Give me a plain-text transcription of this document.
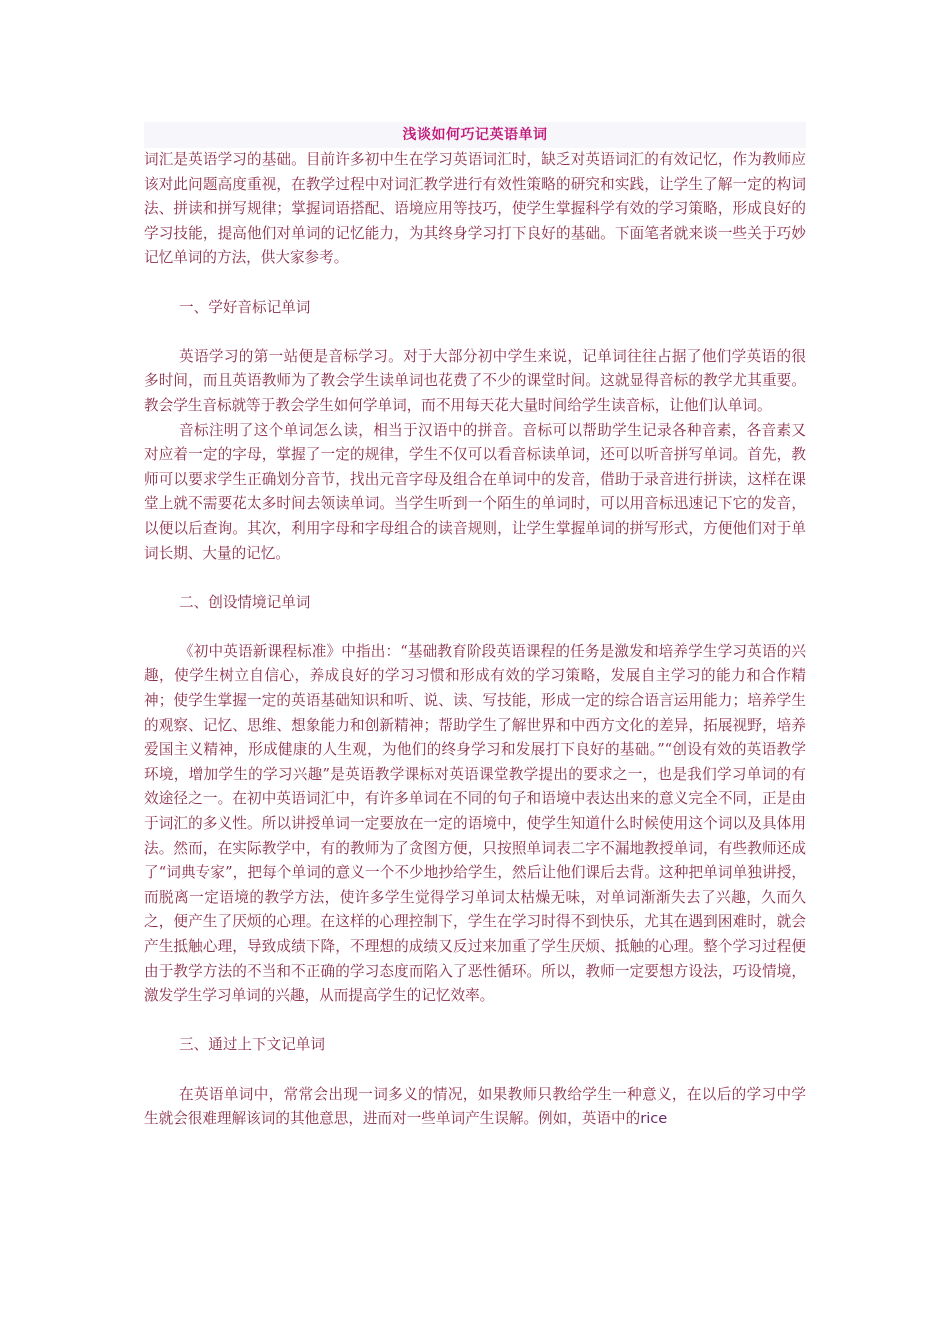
浅谈如何巧记英语单词

词汇是英语学习的基础。目前许多初中生在学习英语词汇时，缺乏对英语词汇的有效记忆，作为教师应该对此问题高度重视，在教学过程中对词汇教学进行有效性策略的研究和实践，让学生了解一定的构词法、拼读和拼写规律；掌握词语搭配、语境应用等技巧，使学生掌握科学有效的学习策略，形成良好的学习技能，提高他们对单词的记忆能力，为其终身学习打下良好的基础。下面笔者就来谈一些关于巧妙记忆单词的方法，供大家参考。

一、学好音标记单词

英语学习的第一站便是音标学习。对于大部分初中学生来说，记单词往往占据了他们学英语的很多时间，而且英语教师为了教会学生读单词也花费了不少的课堂时间。这就显得音标的教学尤其重要。教会学生音标就等于教会学生如何学单词，而不用每天花大量时间给学生读音标，让他们认单词。

音标注明了这个单词怎么读，相当于汉语中的拼音。音标可以帮助学生记录各种音素，各音素又对应着一定的字母，掌握了一定的规律，学生不仅可以看音标读单词，还可以听音拼写单词。首先，教师可以要求学生正确划分音节，找出元音字母及组合在单词中的发音，借助于录音进行拼读，这样在课堂上就不需要花太多时间去领读单词。当学生听到一个陌生的单词时，可以用音标迅速记下它的发音，以便以后查询。其次，利用字母和字母组合的读音规则，让学生掌握单词的拼写形式，方便他们对于单词长期、大量的记忆。

二、创设情境记单词

《初中英语新课程标准》中指出：“基础教育阶段英语课程的任务是激发和培养学生学习英语的兴趣，使学生树立自信心，养成良好的学习习惯和形成有效的学习策略，发展自主学习的能力和合作精神；使学生掌握一定的英语基础知识和听、说、读、写技能，形成一定的综合语言运用能力；培养学生的观察、记忆、思维、想象能力和创新精神；帮助学生了解世界和中西方文化的差异，拓展视野，培养爱国主义精神，形成健康的人生观，为他们的终身学习和发展打下良好的基础。”“创设有效的英语教学环境，增加学生的学习兴趣”是英语教学课标对英语课堂教学提出的要求之一，也是我们学习单词的有效途径之一。在初中英语词汇中，有许多单词在不同的句子和语境中表达出来的意义完全不同，正是由于词汇的多义性。所以讲授单词一定要放在一定的语境中，使学生知道什么时候使用这个词以及具体用法。然而，在实际教学中，有的教师为了贪图方便，只按照单词表二字不漏地教授单词，有些教师还成了“词典专家”，把每个单词的意义一个不少地抄给学生，然后让他们课后去背。这种把单词单独讲授，而脱离一定语境的教学方法，使许多学生觉得学习单词太枯燥无味，对单词渐渐失去了兴趣，久而久之，便产生了厌烦的心理。在这样的心理控制下，学生在学习时得不到快乐，尤其在遇到困难时，就会产生抵触心理，导致成绩下降，不理想的成绩又反过来加重了学生厌烦、抵触的心理。整个学习过程便由于教学方法的不当和不正确的学习态度而陷入了恶性循环。所以，教师一定要想方设法，巧设情境，激发学生学习单词的兴趣，从而提高学生的记忆效率。

三、通过上下文记单词

在英语单词中，常常会出现一词多义的情况，如果教师只教给学生一种意义，在以后的学习中学生就会很难理解该词的其他意思，进而对一些单词产生误解。例如，英语中的rice
